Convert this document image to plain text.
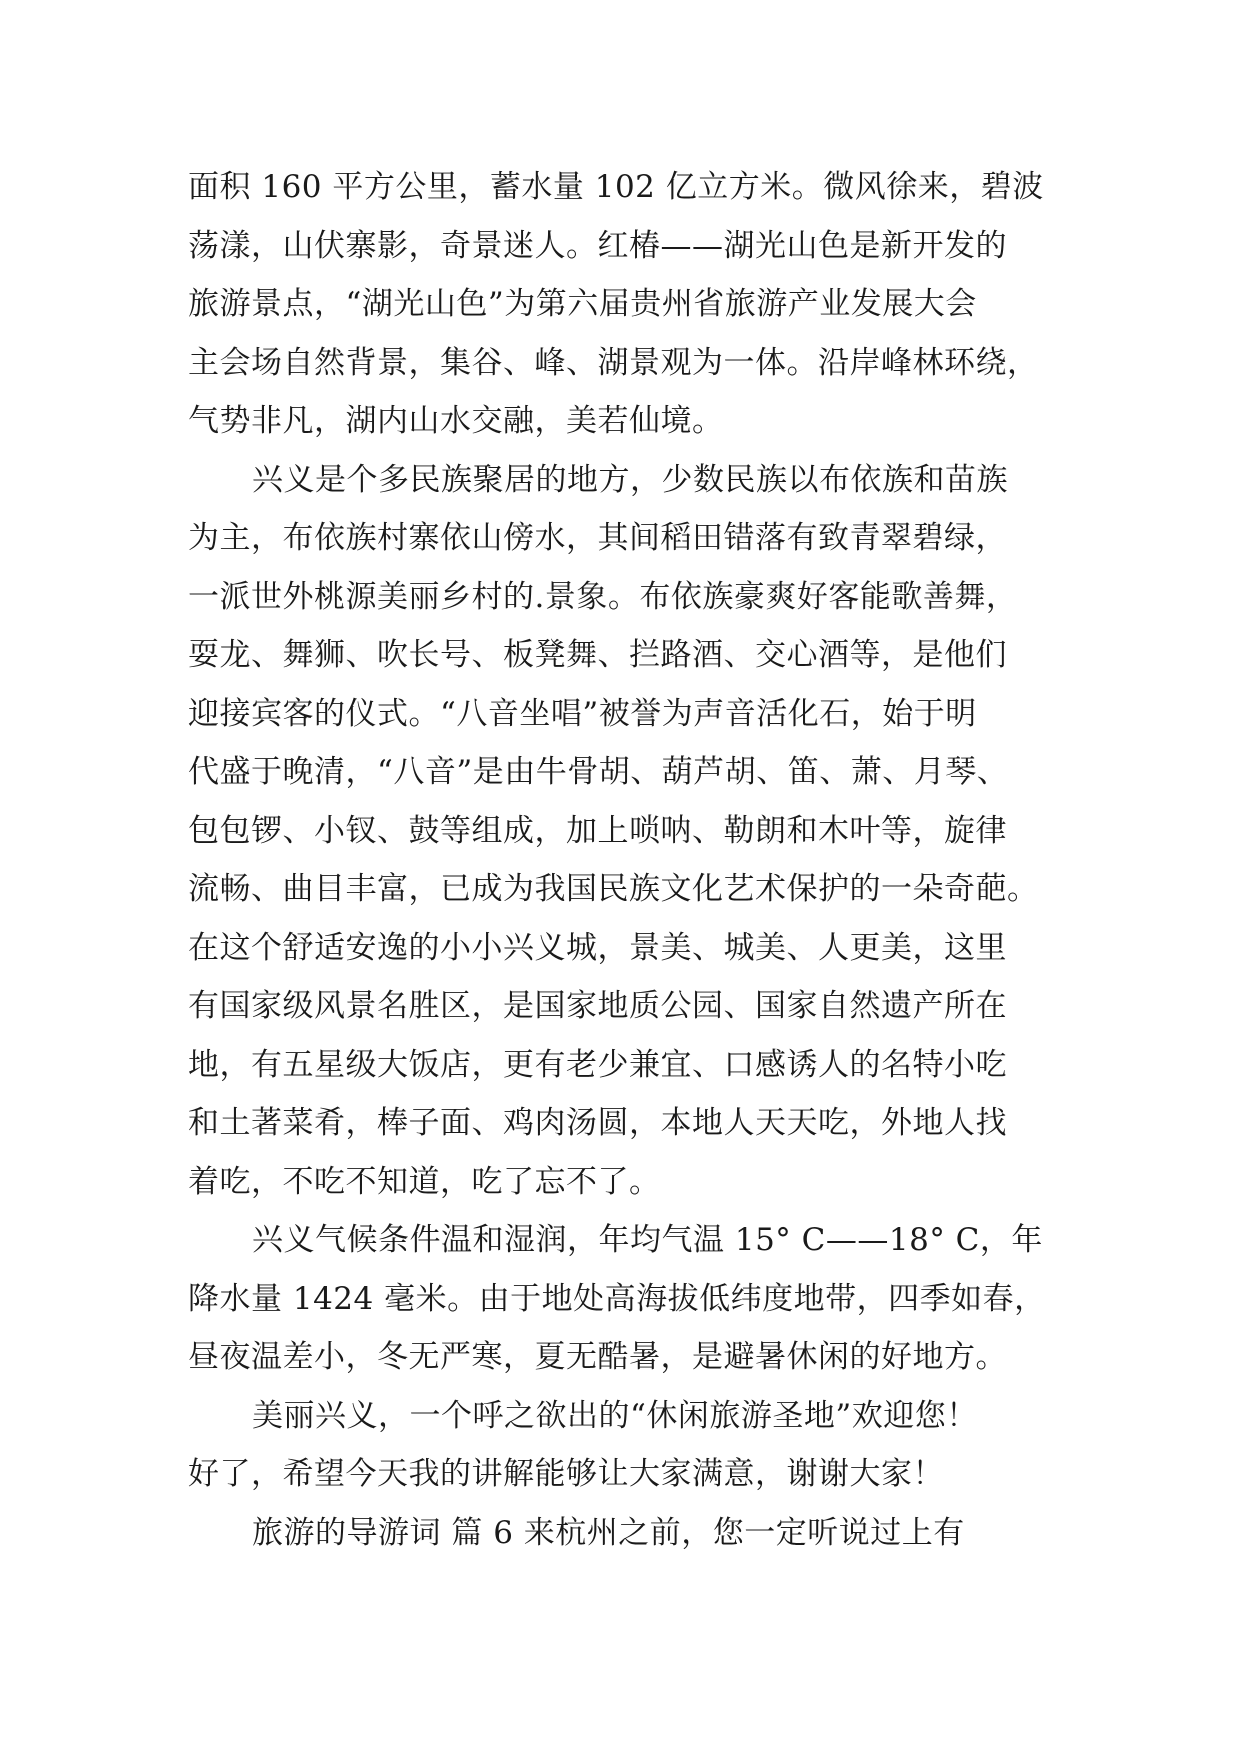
面积 160 平方公里，蓄水量 102 亿立方米。微风徐来，碧波
荡漾，山伏寨影，奇景迷人。红椿——湖光山色是新开发的
旅游景点，“湖光山色”为第六届贵州省旅游产业发展大会
主会场自然背景，集谷、峰、湖景观为一体。沿岸峰林环绕，
气势非凡，湖内山水交融，美若仙境。
兴义是个多民族聚居的地方，少数民族以布依族和苗族
为主，布依族村寨依山傍水，其间稻田错落有致青翠碧绿，
一派世外桃源美丽乡村的.景象。布依族豪爽好客能歌善舞，
耍龙、舞狮、吹长号、板凳舞、拦路酒、交心酒等，是他们
迎接宾客的仪式。“八音坐唱”被誉为声音活化石，始于明
代盛于晚清，“八音”是由牛骨胡、葫芦胡、笛、萧、月琴、
包包锣、小钗、鼓等组成，加上唢呐、勒朗和木叶等，旋律
流畅、曲目丰富，已成为我国民族文化艺术保护的一朵奇葩。
在这个舒适安逸的小小兴义城，景美、城美、人更美，这里
有国家级风景名胜区，是国家地质公园、国家自然遗产所在
地，有五星级大饭店，更有老少兼宜、口感诱人的名特小吃
和土著菜肴，棒子面、鸡肉汤圆，本地人天天吃，外地人找
着吃，不吃不知道，吃了忘不了。
兴义气候条件温和湿润，年均气温 15° C——18° C，年
降水量 1424 毫米。由于地处高海拔低纬度地带，四季如春，
昼夜温差小，冬无严寒，夏无酷暑，是避暑休闲的好地方。
美丽兴义，一个呼之欲出的“休闲旅游圣地”欢迎您！
好了，希望今天我的讲解能够让大家满意，谢谢大家！
旅游的导游词 篇 6 来杭州之前，您一定听说过上有
